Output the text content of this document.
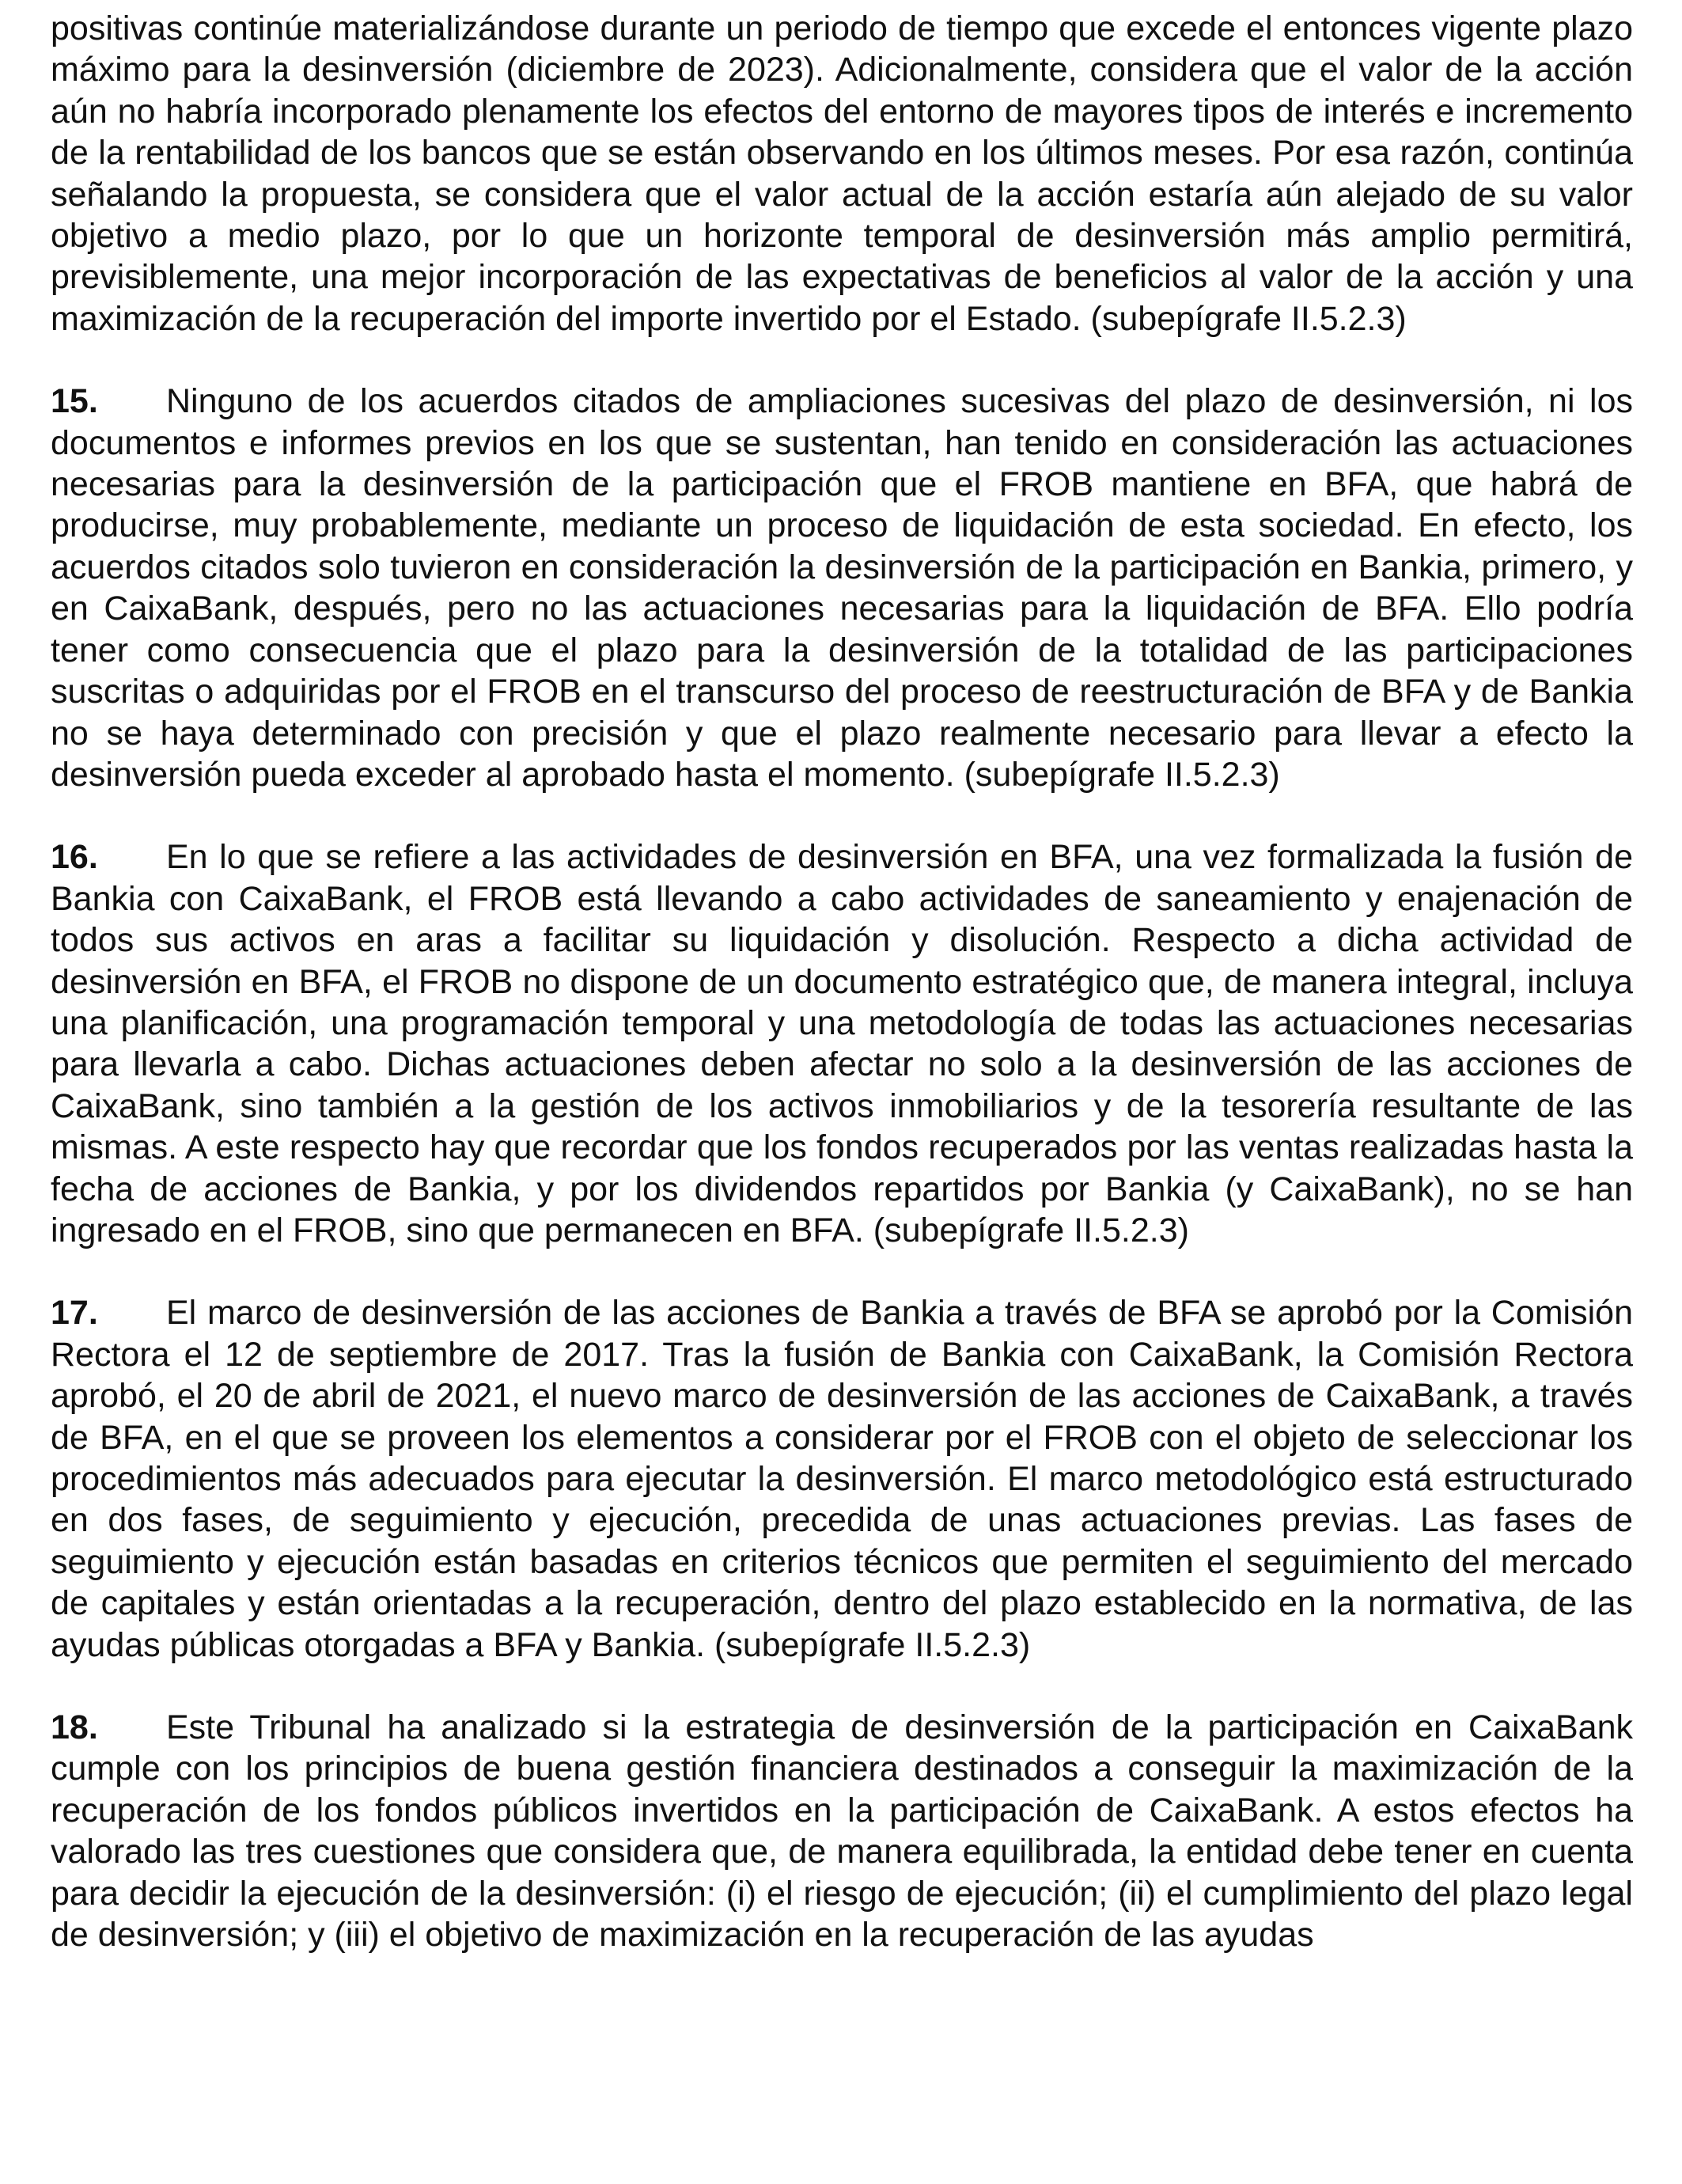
positivas continúe materializándose durante un periodo de tiempo que excede el entonces vigente plazo máximo para la desinversión (diciembre de 2023). Adicionalmente, considera que el valor de la acción aún no habría incorporado plenamente los efectos del entorno de mayores tipos de interés e incremento de la rentabilidad de los bancos que se están observando en los últimos meses. Por esa razón, continúa señalando la propuesta, se considera que el valor actual de la acción estaría aún alejado de su valor objetivo a medio plazo, por lo que un horizonte temporal de desinversión más amplio permitirá, previsiblemente, una mejor incorporación de las expectativas de beneficios al valor de la acción y una maximización de la recuperación del importe invertido por el Estado. (subepígrafe II.5.2.3)

15. Ninguno de los acuerdos citados de ampliaciones sucesivas del plazo de desinversión, ni los documentos e informes previos en los que se sustentan, han tenido en consideración las actuaciones necesarias para la desinversión de la participación que el FROB mantiene en BFA, que habrá de producirse, muy probablemente, mediante un proceso de liquidación de esta sociedad. En efecto, los acuerdos citados solo tuvieron en consideración la desinversión de la participación en Bankia, primero, y en CaixaBank, después, pero no las actuaciones necesarias para la liquidación de BFA. Ello podría tener como consecuencia que el plazo para la desinversión de la totalidad de las participaciones suscritas o adquiridas por el FROB en el transcurso del proceso de reestructuración de BFA y de Bankia no se haya determinado con precisión y que el plazo realmente necesario para llevar a efecto la desinversión pueda exceder al aprobado hasta el momento. (subepígrafe II.5.2.3)

16. En lo que se refiere a las actividades de desinversión en BFA, una vez formalizada la fusión de Bankia con CaixaBank, el FROB está llevando a cabo actividades de saneamiento y enajenación de todos sus activos en aras a facilitar su liquidación y disolución. Respecto a dicha actividad de desinversión en BFA, el FROB no dispone de un documento estratégico que, de manera integral, incluya una planificación, una programación temporal y una metodología de todas las actuaciones necesarias para llevarla a cabo. Dichas actuaciones deben afectar no solo a la desinversión de las acciones de CaixaBank, sino también a la gestión de los activos inmobiliarios y de la tesorería resultante de las mismas. A este respecto hay que recordar que los fondos recuperados por las ventas realizadas hasta la fecha de acciones de Bankia, y por los dividendos repartidos por Bankia (y CaixaBank), no se han ingresado en el FROB, sino que permanecen en BFA. (subepígrafe II.5.2.3)

17. El marco de desinversión de las acciones de Bankia a través de BFA se aprobó por la Comisión Rectora el 12 de septiembre de 2017. Tras la fusión de Bankia con CaixaBank, la Comisión Rectora aprobó, el 20 de abril de 2021, el nuevo marco de desinversión de las acciones de CaixaBank, a través de BFA, en el que se proveen los elementos a considerar por el FROB con el objeto de seleccionar los procedimientos más adecuados para ejecutar la desinversión. El marco metodológico está estructurado en dos fases, de seguimiento y ejecución, precedida de unas actuaciones previas. Las fases de seguimiento y ejecución están basadas en criterios técnicos que permiten el seguimiento del mercado de capitales y están orientadas a la recuperación, dentro del plazo establecido en la normativa, de las ayudas públicas otorgadas a BFA y Bankia. (subepígrafe II.5.2.3)

18. Este Tribunal ha analizado si la estrategia de desinversión de la participación en CaixaBank cumple con los principios de buena gestión financiera destinados a conseguir la maximización de la recuperación de los fondos públicos invertidos en la participación de CaixaBank. A estos efectos ha valorado las tres cuestiones que considera que, de manera equilibrada, la entidad debe tener en cuenta para decidir la ejecución de la desinversión: (i) el riesgo de ejecución; (ii) el cumplimiento del plazo legal de desinversión; y (iii) el objetivo de maximización en la recuperación de las ayudas
